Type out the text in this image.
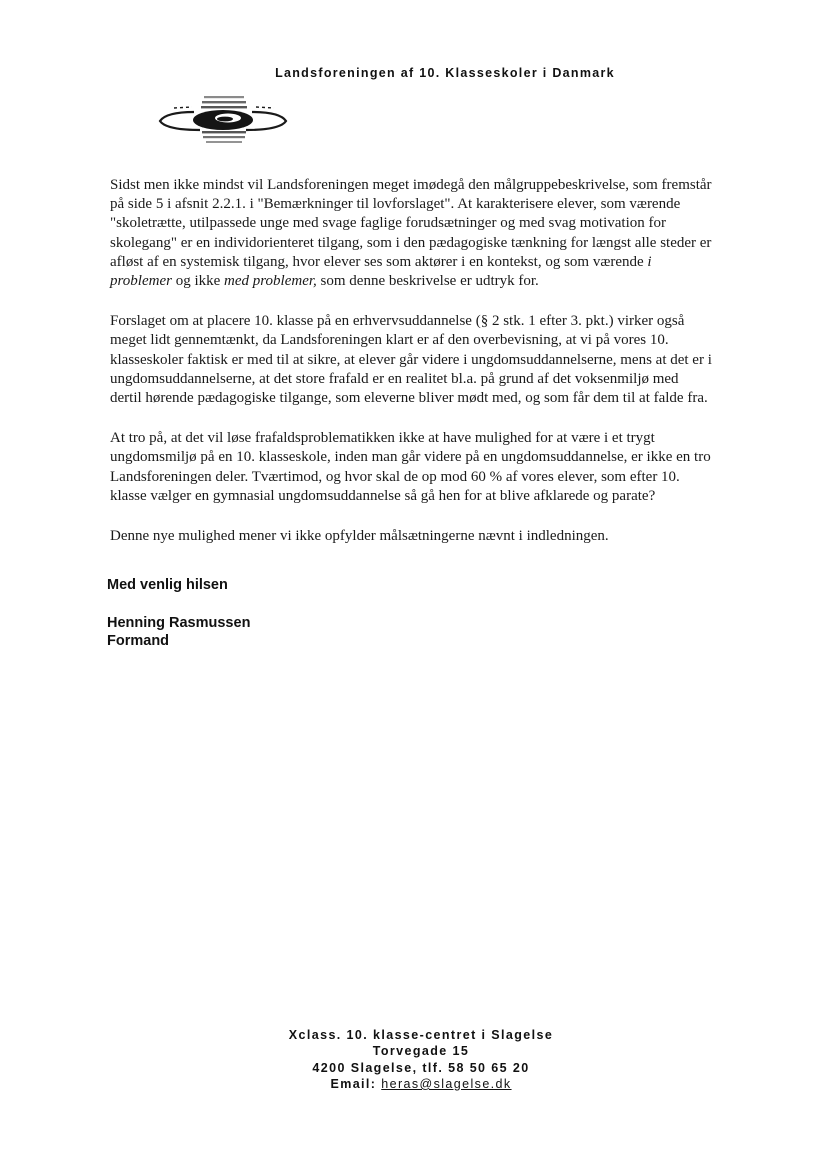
Landsforeningen af 10. Klasseskoler i Danmark
Sidst men ikke mindst vil Landsforeningen meget imødegå den målgruppebeskrivelse, som fremstår
på side 5 i afsnit 2.2.1. i "Bemærkninger til lovforslaget". At karakterisere elever, som værende
"skoletrætte, utilpassede unge med svage faglige forudsætninger og med svag motivation for
skolegang" er en individorienteret tilgang, som i den pædagogiske tænkning for længst alle steder er
afløst af en systemisk tilgang, hvor elever ses som aktører i en kontekst, og som værende i
problemer og ikke med problemer, som denne beskrivelse er udtryk for.
Forslaget om at placere 10. klasse på en erhvervsuddannelse (§ 2 stk. 1 efter 3. pkt.) virker også
meget lidt gennemtænkt, da Landsforeningen klart er af den overbevisning, at vi på vores 10.
klasseskoler faktisk er med til at sikre, at elever går videre i ungdomsuddannelserne, mens at det er i
ungdomsuddannelserne, at det store frafald er en realitet bl.a. på grund af det voksenmiljø med
dertil hørende pædagogiske tilgange, som eleverne bliver mødt med, og som får dem til at falde fra.
At tro på, at det vil løse frafaldsproblematikken ikke at have mulighed for at være i et trygt
ungdomsmiljø på en 10. klasseskole, inden man går videre på en ungdomsuddannelse, er ikke en tro
Landsforeningen deler. Tværtimod, og hvor skal de op mod 60 % af vores elever, som efter 10.
klasse vælger en gymnasial ungdomsuddannelse så gå hen for at blive afklarede og parate?
Denne nye mulighed mener vi ikke opfylder målsætningerne nævnt i indledningen.
Med venlig hilsen
Henning Rasmussen
Formand
Xclass. 10. klasse-centret i Slagelse
Torvegade 15
4200 Slagelse, tlf. 58 50 65 20
Email: heras@slagelse.dk
